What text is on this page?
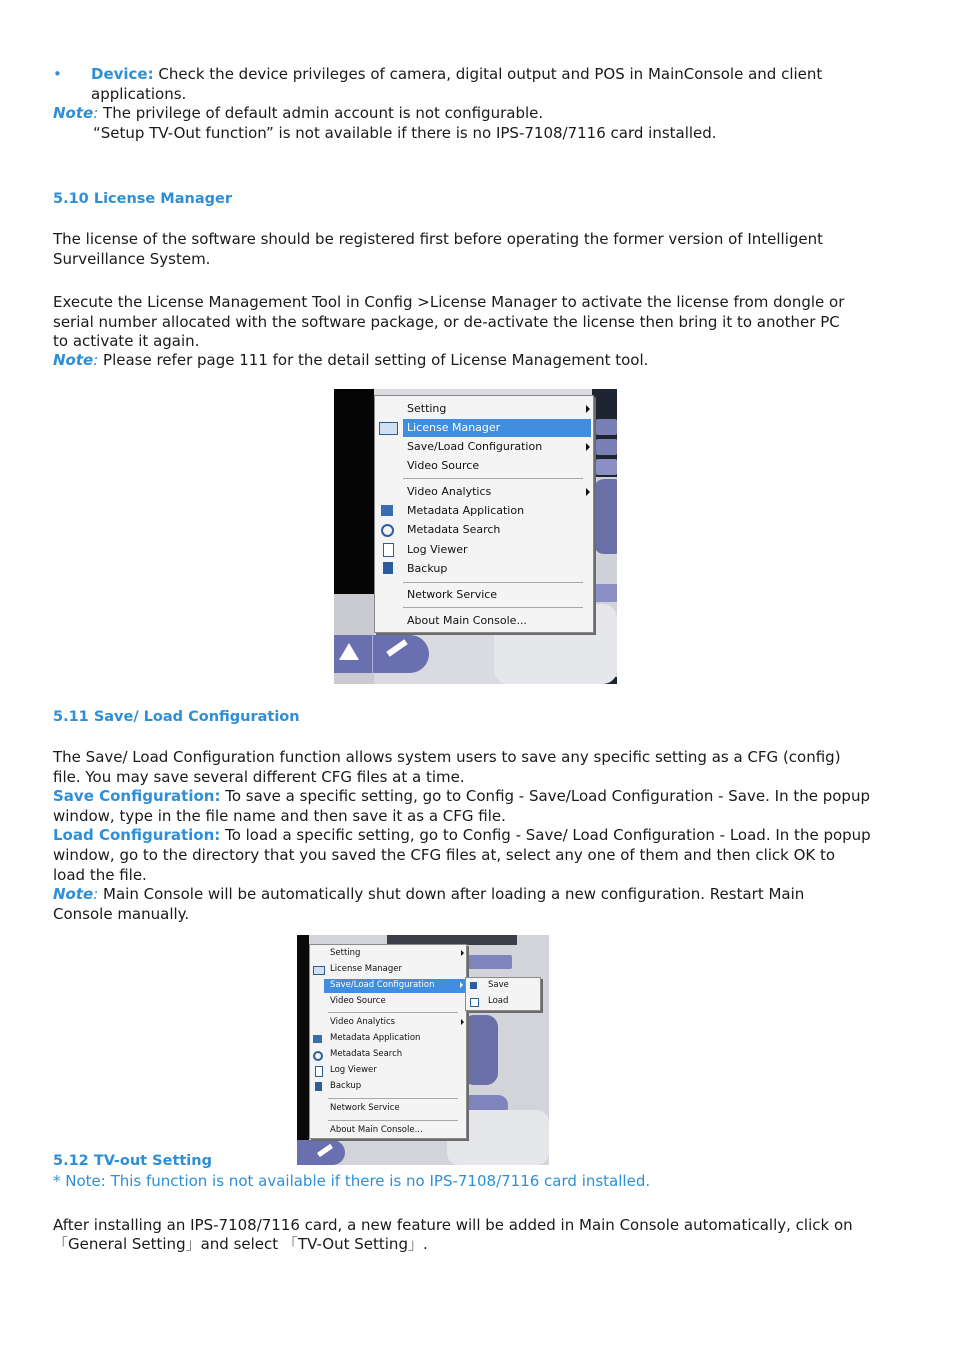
• Device: Check the device privileges of camera, digital output and POS in MainConsole and client
applications.
Note: The privilege of default admin account is not configurable.
“Setup TV-Out function” is not available if there is no IPS-7108/7116 card installed.
5.10 License Manager
The license of the software should be registered first before operating the former version of Intelligent
Surveillance System.
Execute the License Management Tool in Config >License Manager to activate the license from dongle or
serial number allocated with the software package, or de-activate the license then bring it to another PC
to activate it again.
Note: Please refer page 111 for the detail setting of License Management tool.
Setting
License Manager
Save/Load Configuration
Video Source
Video Analytics
Metadata Application
Metadata Search
Log Viewer
Backup
Network Service
About Main Console...
5.11 Save/ Load Configuration
The Save/ Load Configuration function allows system users to save any specific setting as a CFG (config)
file. You may save several different CFG files at a time.
Save Configuration: To save a specific setting, go to Config - Save/Load Configuration - Save. In the popup
window, type in the file name and then save it as a CFG file.
Load Configuration: To load a specific setting, go to Config - Save/ Load Configuration - Load. In the popup
window, go to the directory that you saved the CFG files at, select any one of them and then click OK to
load the file.
Note: Main Console will be automatically shut down after loading a new configuration. Restart Main
Console manually.
Setting
License Manager
Save/Load Configuration
Video Source
Video Analytics
Metadata Application
Metadata Search
Log Viewer
Backup
Network Service
About Main Console...
Save
Load
5.12 TV-out Setting
* Note: This function is not available if there is no IPS-7108/7116 card installed.
After installing an IPS-7108/7116 card, a new feature will be added in Main Console automatically, click on
「General Setting」and select 「TV-Out Setting」.
